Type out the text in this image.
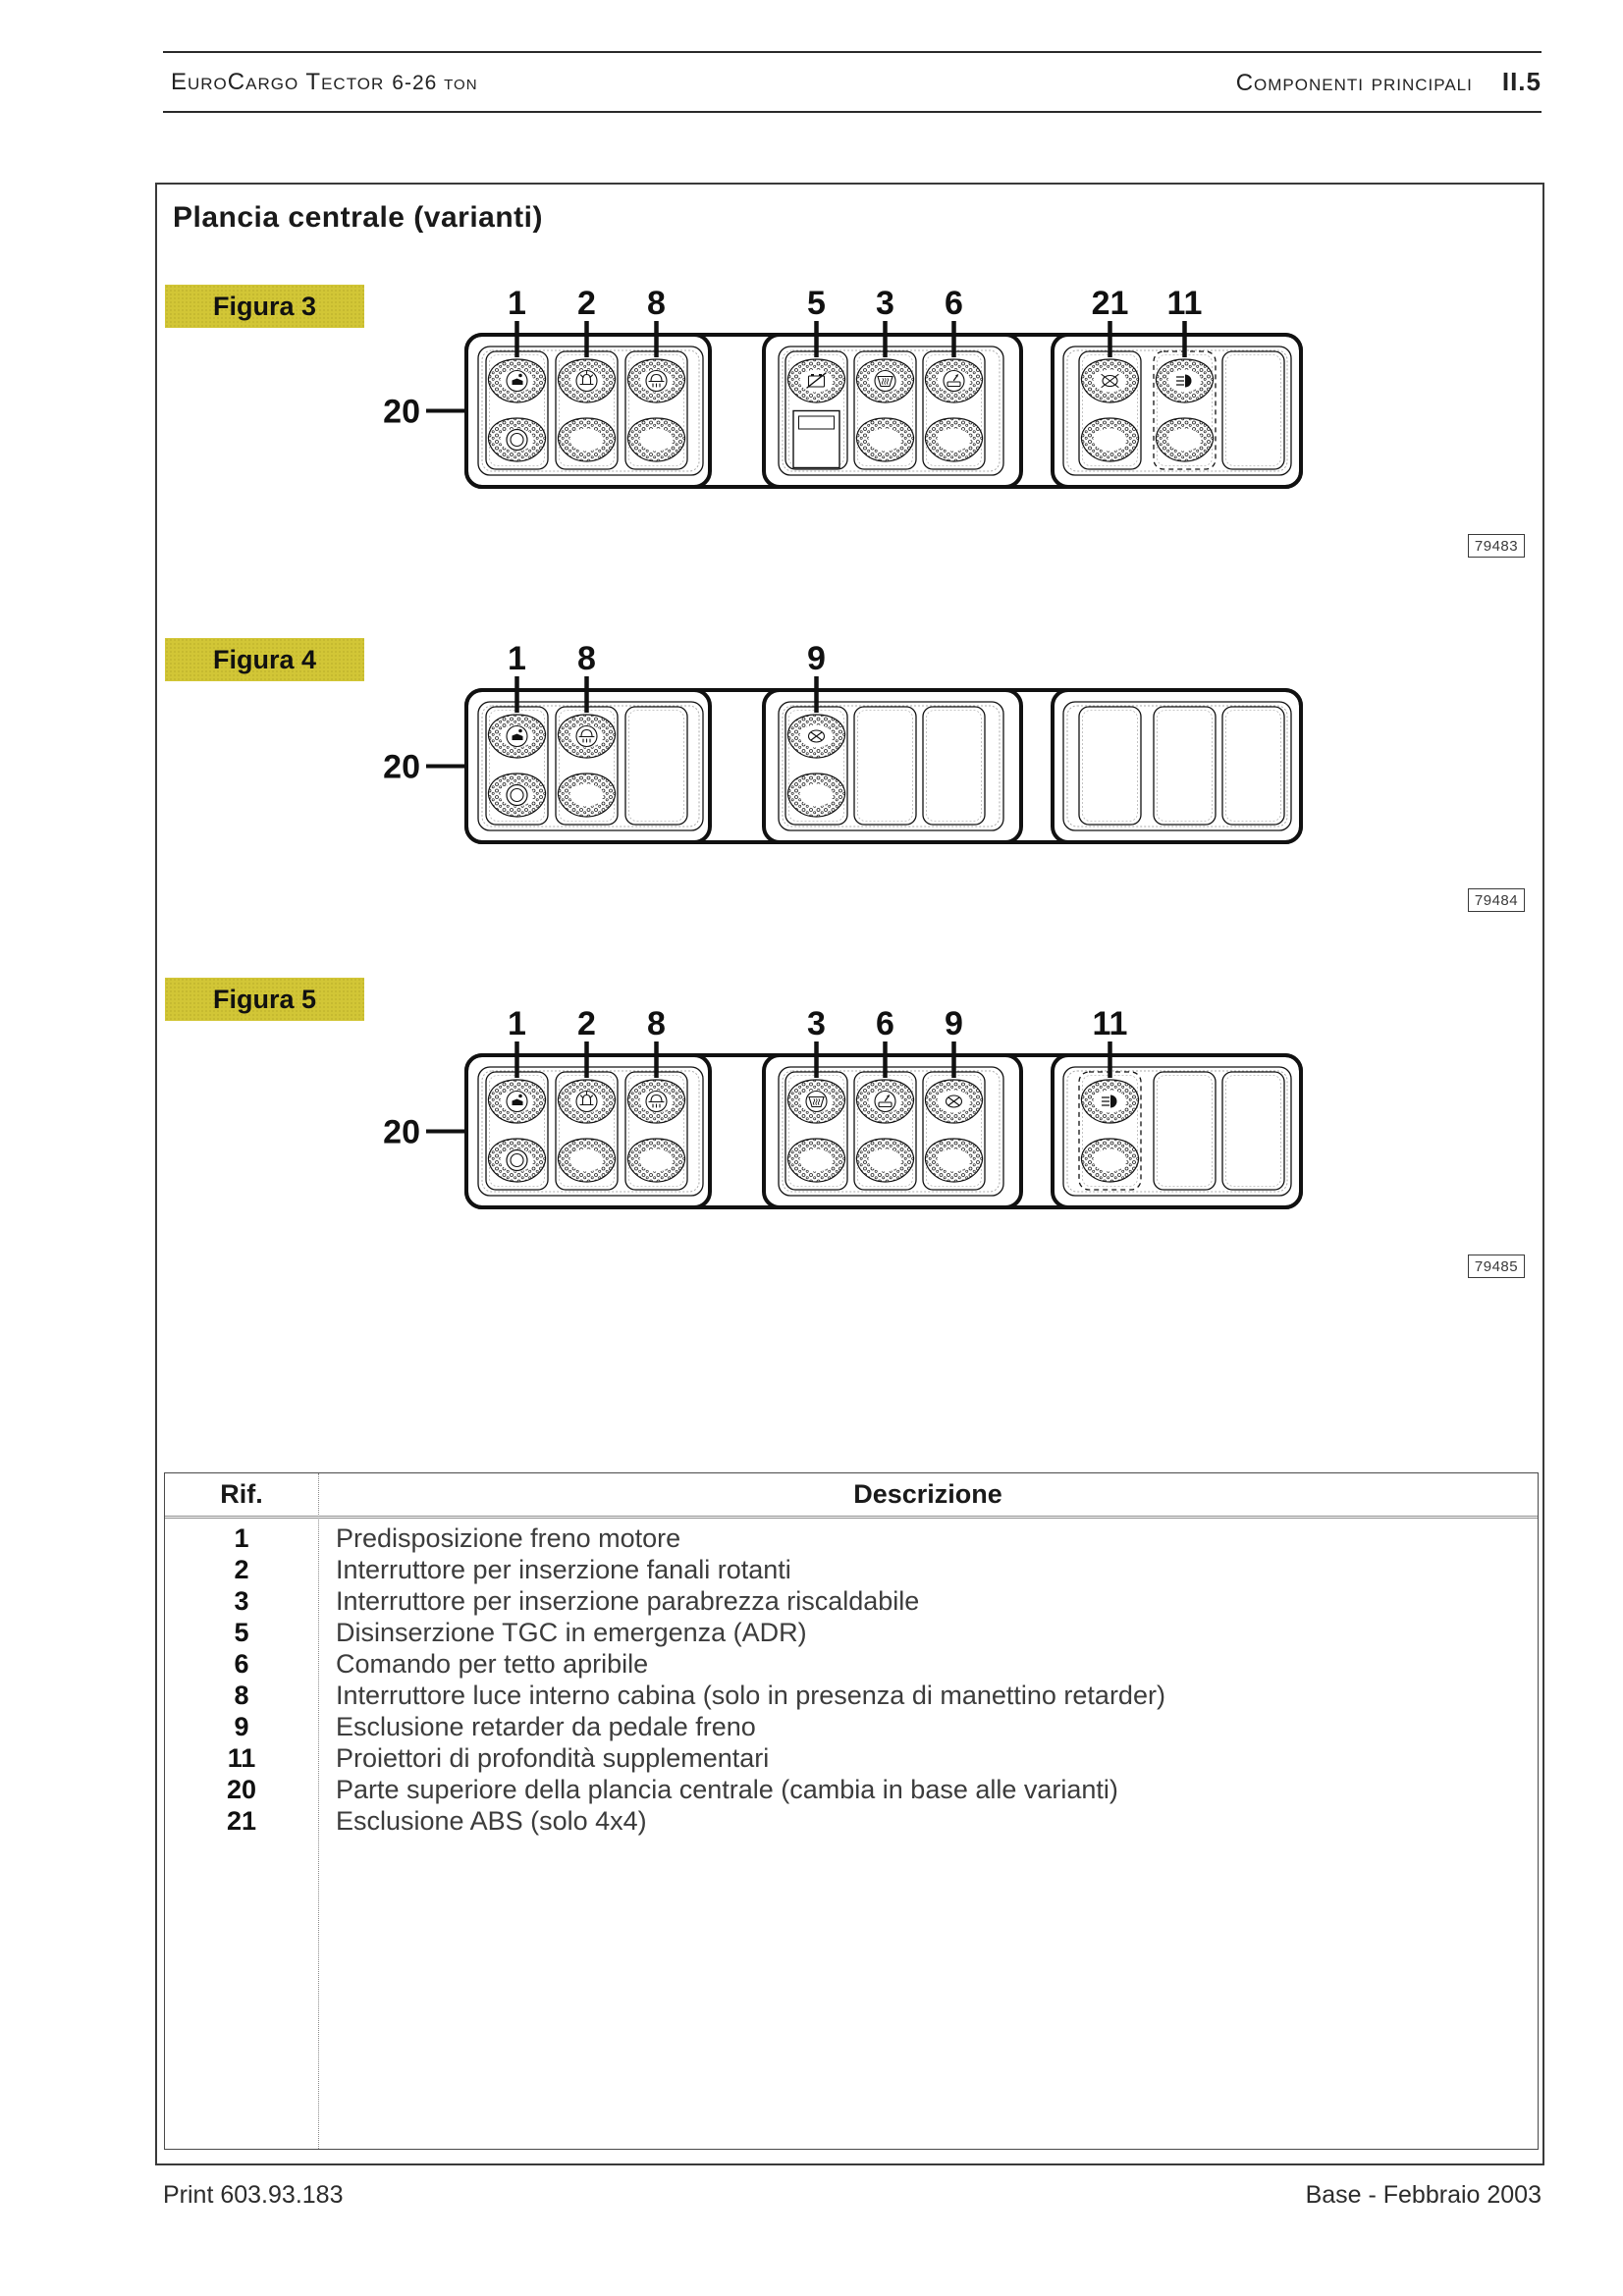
EuroCargo Tector 6-26 ton	Componenti principali II.5
Plancia centrale (varianti)
Figura 3
79483
20
1 2 8	5 3 6	21 11
Figura 4
79484
20
1 8	9
Figura 5
79485
20
1 2 8	3 6 9	11
Rif.	Descrizione
1	Predisposizione freno motore
2	Interruttore per inserzione fanali rotanti
3	Interruttore per inserzione parabrezza riscaldabile
5	Disinserzione TGC in emergenza (ADR)
6	Comando per tetto apribile
8	Interruttore luce interno cabina (solo in presenza di manettino retarder)
9	Esclusione retarder da pedale freno
11	Proiettori di profondità supplementari
20	Parte superiore della plancia centrale (cambia in base alle varianti)
21	Esclusione ABS (solo 4x4)
Print 603.93.183	Base - Febbraio 2003
